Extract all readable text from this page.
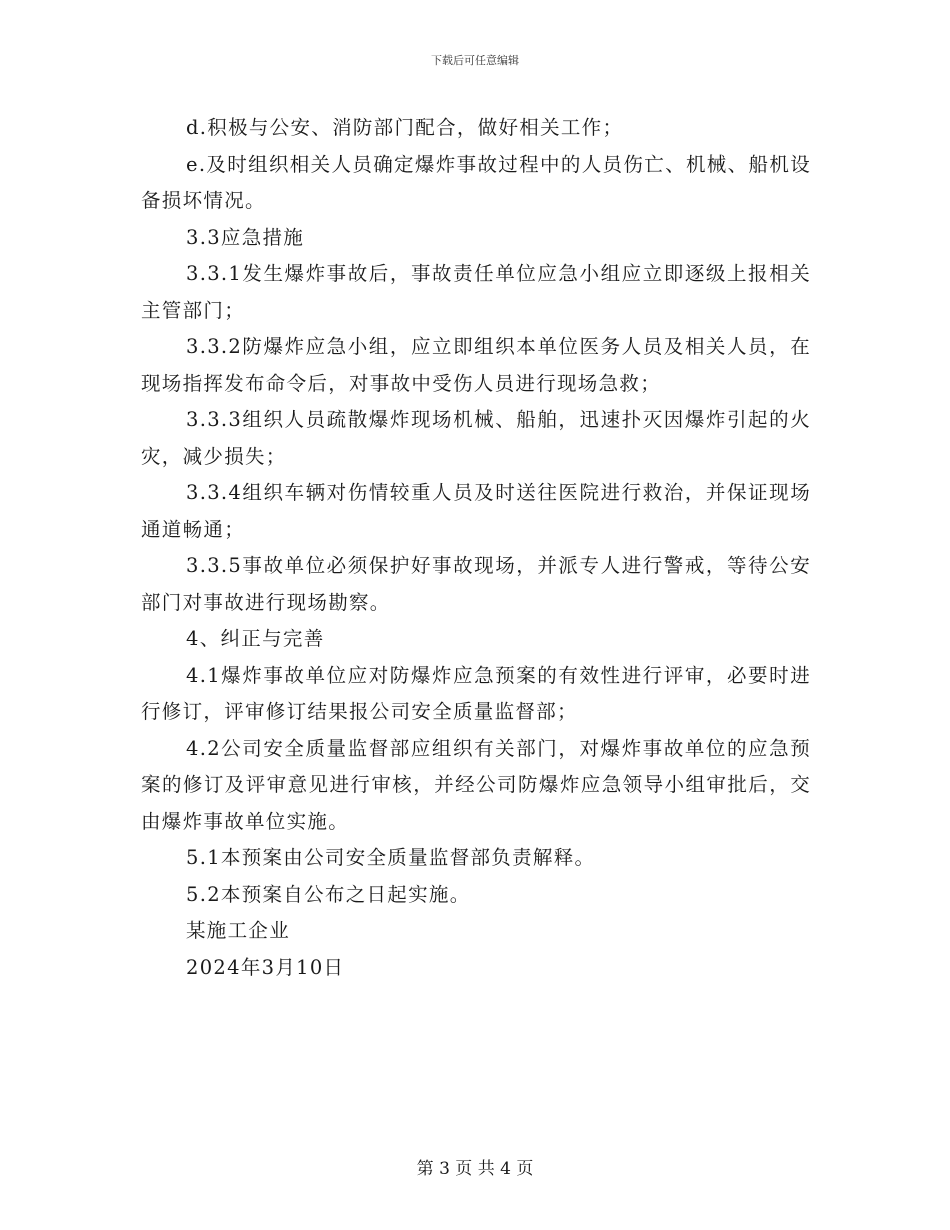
下载后可任意编辑

d.积极与公安、消防部门配合，做好相关工作；

e.及时组织相关人员确定爆炸事故过程中的人员伤亡、机械、船机设备损坏情况。

3.3应急措施

3.3.1发生爆炸事故后，事故责任单位应急小组应立即逐级上报相关主管部门；

3.3.2防爆炸应急小组，应立即组织本单位医务人员及相关人员，在现场指挥发布命令后，对事故中受伤人员进行现场急救；

3.3.3组织人员疏散爆炸现场机械、船舶，迅速扑灭因爆炸引起的火灾，减少损失；

3.3.4组织车辆对伤情较重人员及时送往医院进行救治，并保证现场通道畅通；

3.3.5事故单位必须保护好事故现场，并派专人进行警戒，等待公安部门对事故进行现场勘察。

4、纠正与完善

4.1爆炸事故单位应对防爆炸应急预案的有效性进行评审，必要时进行修订，评审修订结果报公司安全质量监督部；

4.2公司安全质量监督部应组织有关部门，对爆炸事故单位的应急预案的修订及评审意见进行审核，并经公司防爆炸应急领导小组审批后，交由爆炸事故单位实施。

5.1本预案由公司安全质量监督部负责解释。

5.2本预案自公布之日起实施。

某施工企业

2024年3月10日

第 3 页 共 4 页
